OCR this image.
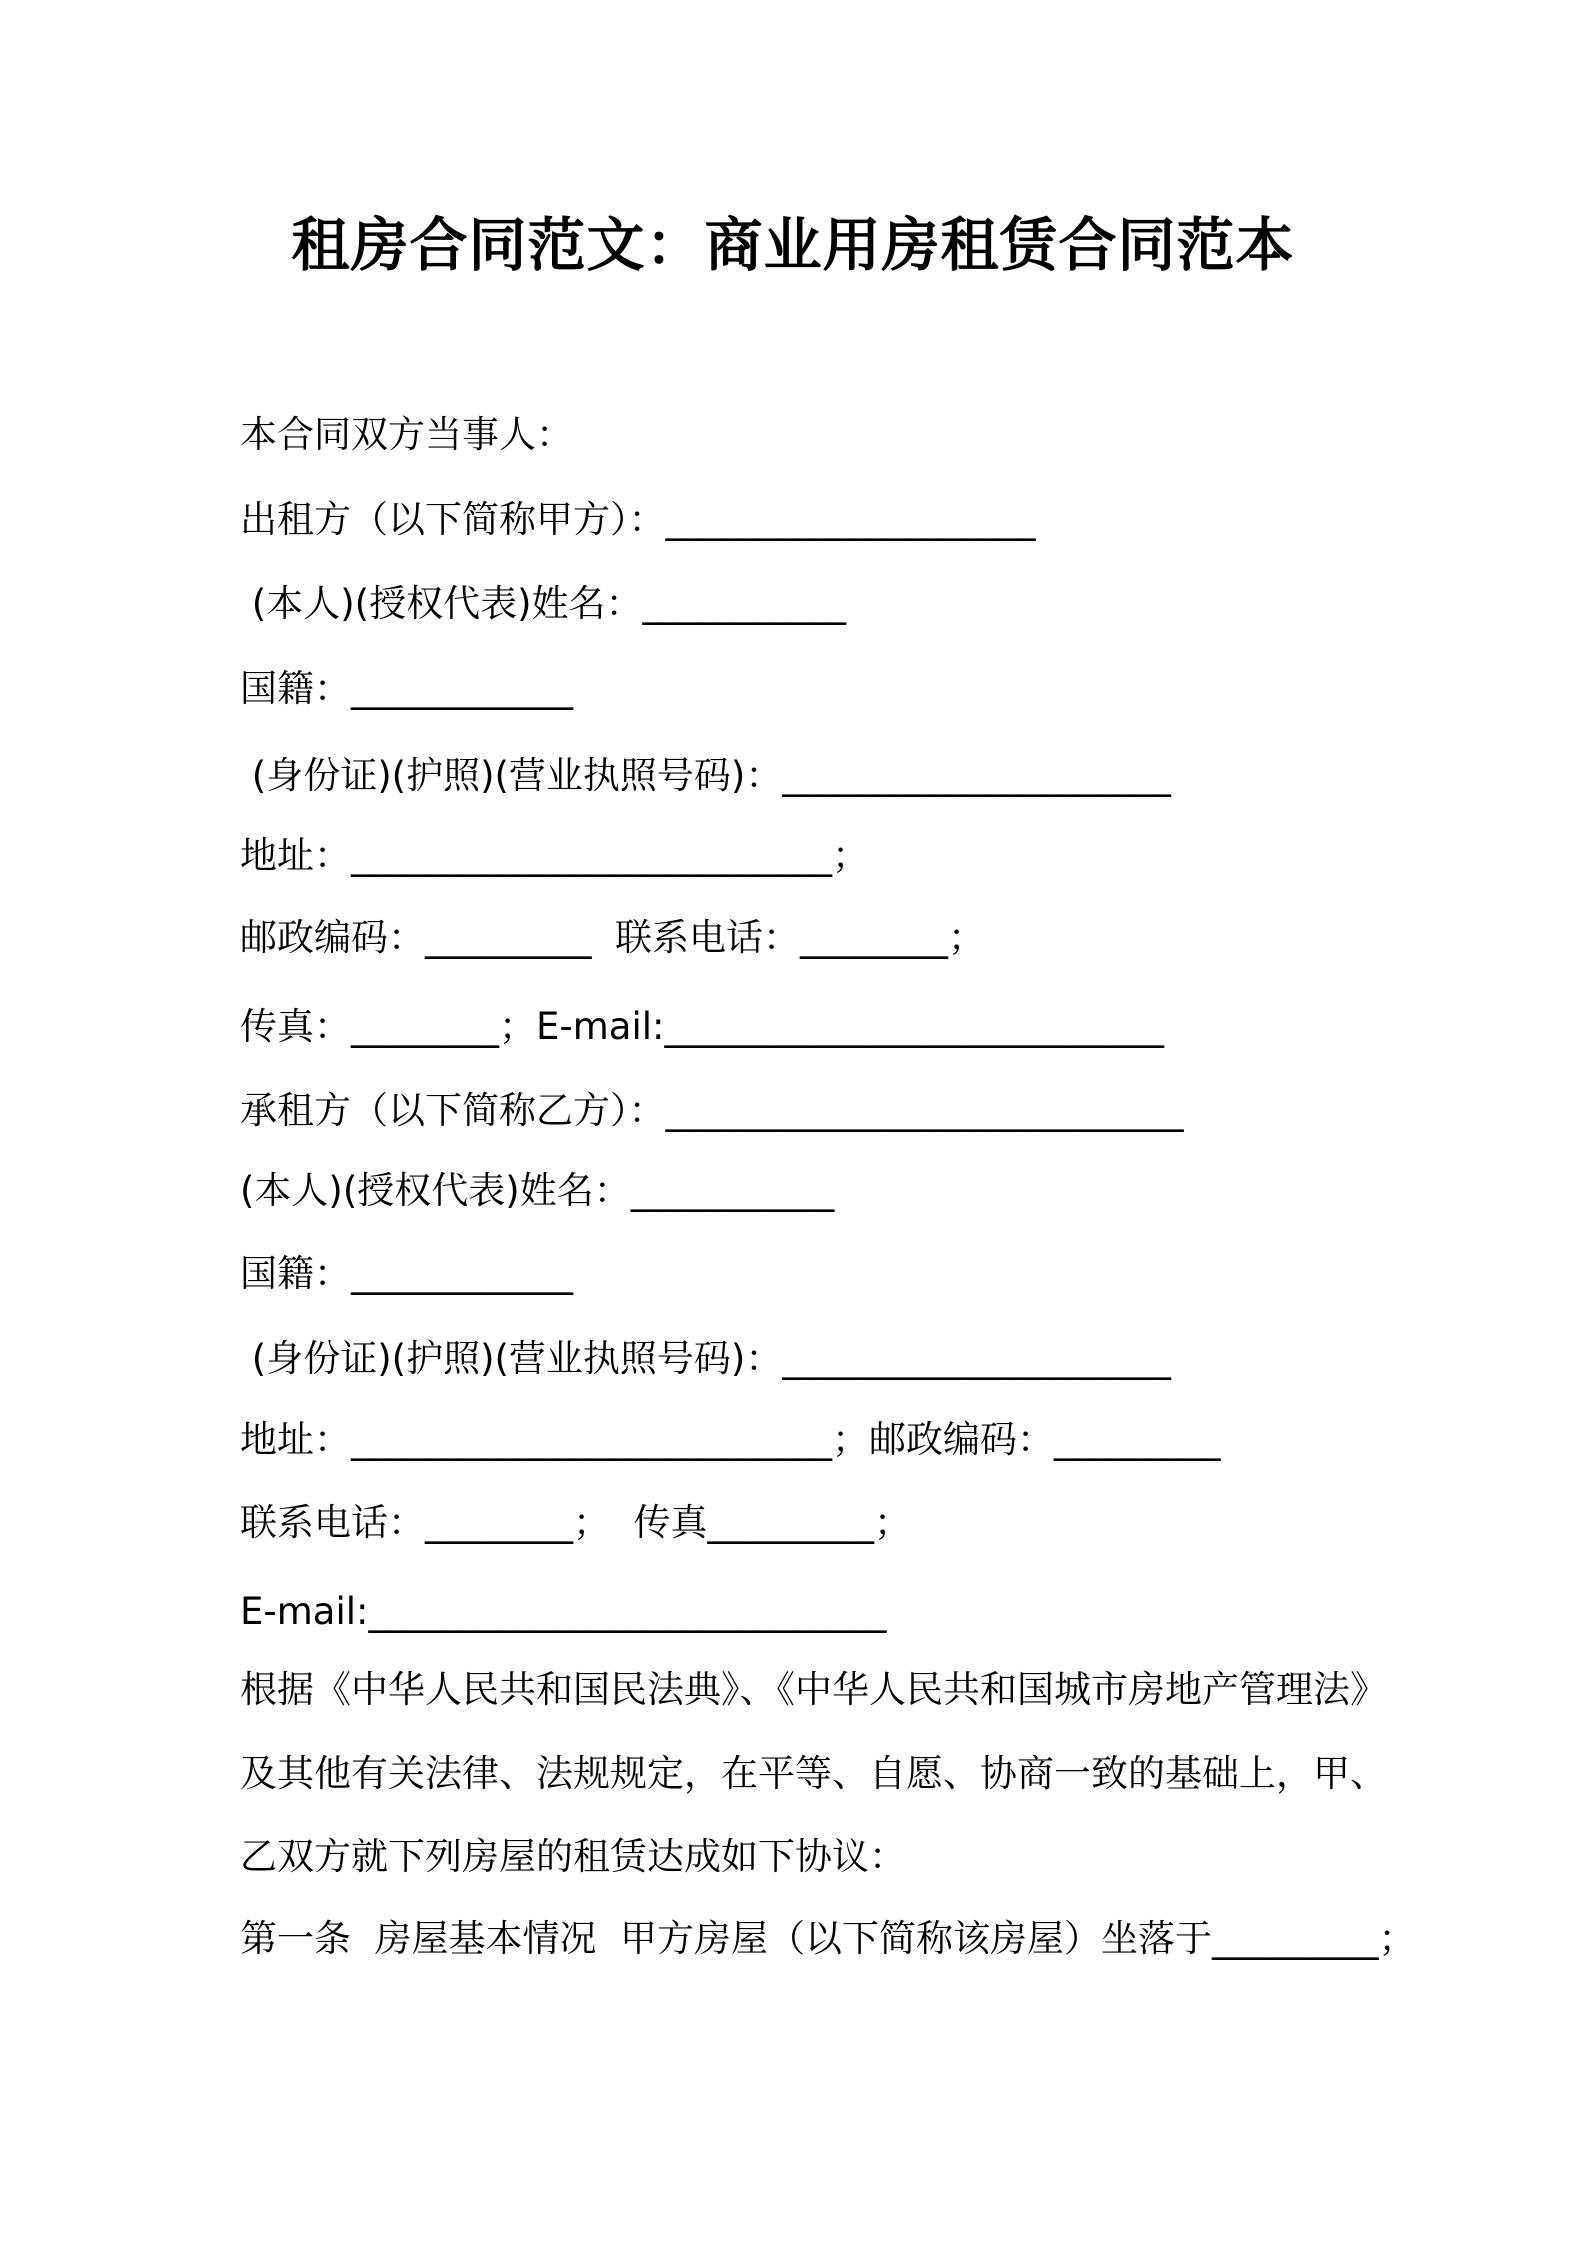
租房合同范文：商业用房租赁合同范本
本合同双方当事人：
出租方（以下简称甲方）：____________________
(本人)(授权代表)姓名：___________
国籍：____________
(身份证)(护照)(营业执照号码)：_____________________
地址：__________________________；
邮政编码：_________  联系电话：________；
传真：________；E-mail:___________________________
承租方（以下简称乙方）：____________________________
(本人)(授权代表)姓名：___________
国籍：____________
(身份证)(护照)(营业执照号码)：_____________________
地址：__________________________；邮政编码：_________
联系电话：________；  传真_________；
E-mail:____________________________
根据《中华人民共和国民法典》、《中华人民共和国城市房地产管理法》
及其他有关法律、法规规定，在平等、自愿、协商一致的基础上，甲、
乙双方就下列房屋的租赁达成如下协议：
第一条  房屋基本情况  甲方房屋（以下简称该房屋）坐落于_________；
